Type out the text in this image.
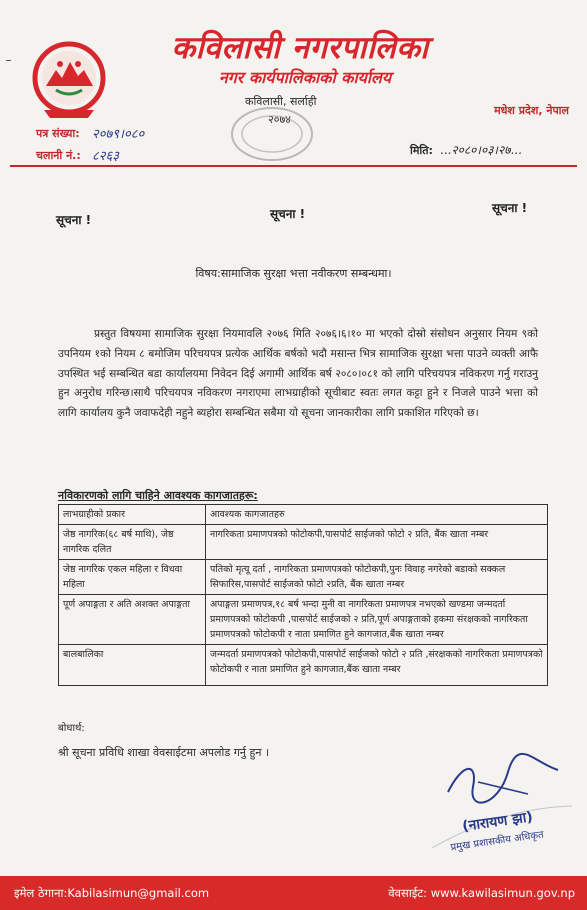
कविलासी नगरपालिका
नगर कार्यपालिकाको कार्यालय
कविलासी, सर्लाही
२०७४
मधेश प्रदेश, नेपाल
पत्र संख्या: २०७९।०८०
चलानी नं.: ८२६३	मिति: ...२०८०।०३।२७...
सूचना !	सूचना !	सूचना !
विषय:सामाजिक सुरक्षा भत्ता नवीकरण सम्बन्धमा।
प्रस्तुत विषयमा सामाजिक सुरक्षा नियमावलि २०७६ मिति २०७६।६।१० मा भएको दोस्रो संसोधन अनुसार नियम ९को उपनियम १को नियम ८ बमोजिम परिचयपत्र प्रत्येक आर्थिक बर्षको भदौ मसान्त भित्र सामाजिक सुरक्षा भत्ता पाउने व्यक्ती आफै उपस्थित भई सम्बन्धित बडा कार्यालयमा निवेदन दिई अगामी आर्थिक बर्ष २०८०।०८१ को लागि परिचयपत्र नविकरण गर्नु गराउनु हुन अनुरोध गरिन्छ।साथै परिचयपत्र नविकरण नगराएमा लाभग्राहीको सूचीबाट स्वतः लगत कट्टा हुने र निजले पाउने भत्ता को लागि कार्यालय कुनै जवाफदेही नहुने ब्यहोरा सम्बन्धित सबैमा यो सूचना जानकारीका लागि प्रकाशित गरिएको छ।
नविकारणको लागि चाहिने आवश्यक कागजातहरू:
लाभग्राहीको प्रकार	आवश्यक कागजातहरु
जेष्ठ नागरिक(६८ बर्ष माथि), जेष्ठ नागरिक दलित	नागरिकता प्रमाणपत्रको फोटोकपी,पासपोर्ट साईजको फोटो २ प्रति, बैंक खाता नम्बर
जेष्ठ नागरिक एकल महिला र विधवा महिला	पतिको मृत्यू दर्ता , नागरिकता प्रमाणपत्रको फोटोकपी,पुनः विवाह नगरेको बडाको सक्कल सिफारिस,पासपोर्ट साईजको फोटो २प्रति, बैंक खाता नम्बर
पूर्ण अपाङ्गता र अति अशक्त अपाङ्गता	अपाङ्गता प्रमाणपत्र,१८ बर्ष भन्दा मुनी वा नागरिकता प्रमाणपत्र नभएको खण्डमा जन्मदर्ता प्रमाणपत्रको फोटोकपी ,पासपोर्ट साईजको २ प्रति,पूर्ण अपाङ्गताको हकमा संरक्षकको नागरिकता प्रमाणपत्रको फोटोकपी र नाता प्रमाणित हुने कागजात,बैंक खाता नम्बर
बालबालिका	जन्मदर्ता प्रमाणपत्रको फोटोकपी,पासपोर्ट साईजको फोटो २ प्रति ,संरक्षकको नागरिकता प्रमाणपत्रको फोटोकपी र नाता प्रमाणित हुने कागजात,बैंक खाता नम्बर
बोधार्थ:
श्री सूचना प्रविधि शाखा वेवसाईटमा अपलोड गर्नु हुन ।
(नारायण झा)
प्रमुख प्रशासकीय अधिकृत
इमेल ठेगाना:Kabilasimun@gmail.com	वेवसाईट: www.kawilasimun.gov.np
